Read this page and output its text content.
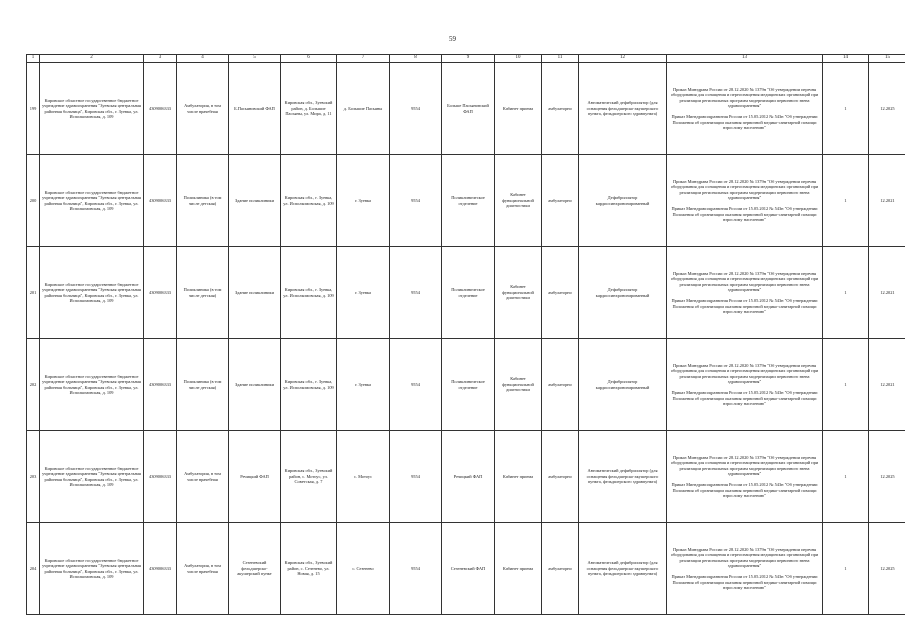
59
1	2	3	4	5	6	7	8	9	10	11	12	13	14	15
199	Кировское областное государственное бюджетное учреждение здравоохранения "Зуевская центральная районная больница", Кировская обл., г. Зуевка, ул. Исполкомовская, д. 109	4309006333	Амбулатория, в том числе врачебная	Б.Пасьяновский ФАП	Кировская обл., Зуевский район, д. Большие Пасьяны, ул. Мира, д. 11	д. Большие Пасьяны	9554	Больше Пасьяновский ФАП	Кабинет приема	амбулаторно	Автоматический дефибриллятор (для оснащения фельдшерско-акушерского пункта, фельдшерского здравпункта)	Приказ Минздрава России от 28.12.2020 № 1379н "Об утверждении перечня оборудования для оснащения и переоснащения медицинских организаций при реализации региональных программ модернизации первичного звена здравоохранения"

Приказ Минздравсоцразвития России от 15.05.2012 № 543н "Об утверждении Положения об организации оказания первичной медико-санитарной помощи взрослому населению"	1	12.2025
200	Кировское областное государственное бюджетное учреждение здравоохранения "Зуевская центральная районная больница", Кировская обл., г. Зуевка, ул. Исполкомовская, д. 109	4309006333	Поликлиника (в том числе детская)	Здание поликлиники	Кировская обл., г. Зуевка, ул. Исполкомовская, д. 109	г. Зуевка	9554	Поликлиническое отделение	Кабинет функциональной диагностики	амбулаторно	Дефибриллятор кардиосинхронизированный	Приказ Минздрава России от 28.12.2020 № 1379н "Об утверждении перечня оборудования для оснащения и переоснащения медицинских организаций при реализации региональных программ модернизации первичного звена здравоохранения"

Приказ Минздравсоцразвития России от 15.05.2012 № 543н "Об утверждении Положения об организации оказания первичной медико-санитарной помощи взрослому населению"	1	12.2021
201	Кировское областное государственное бюджетное учреждение здравоохранения "Зуевская центральная районная больница", Кировская обл., г. Зуевка, ул. Исполкомовская, д. 109	4309006333	Поликлиника (в том числе детская)	Здание поликлиники	Кировская обл., г. Зуевка, ул. Исполкомовская, д. 109	г. Зуевка	9554	Поликлиническое отделение	Кабинет функциональной диагностики	амбулаторно	Дефибриллятор кардиосинхронизированный	Приказ Минздрава России от 28.12.2020 № 1379н "Об утверждении перечня оборудования для оснащения и переоснащения медицинских организаций при реализации региональных программ модернизации первичного звена здравоохранения"

Приказ Минздравсоцразвития России от 15.05.2012 № 543н "Об утверждении Положения об организации оказания первичной медико-санитарной помощи взрослому населению"	1	12.2021
202	Кировское областное государственное бюджетное учреждение здравоохранения "Зуевская центральная районная больница", Кировская обл., г. Зуевка, ул. Исполкомовская, д. 109	4309006333	Поликлиника (в том числе детская)	Здание поликлиники	Кировская обл., г. Зуевка, ул. Исполкомовская, д. 109	г. Зуевка	9554	Поликлиническое отделение	Кабинет функциональной диагностики	амбулаторно	Дефибриллятор кардиосинхронизированный	Приказ Минздрава России от 28.12.2020 № 1379н "Об утверждении перечня оборудования для оснащения и переоснащения медицинских организаций при реализации региональных программ модернизации первичного звена здравоохранения"

Приказ Минздравсоцразвития России от 15.05.2012 № 543н "Об утверждении Положения об организации оказания первичной медико-санитарной помощи взрослому населению"	1	12.2021
203	Кировское областное государственное бюджетное учреждение здравоохранения "Зуевская центральная районная больница", Кировская обл., г. Зуевка, ул. Исполкомовская, д. 109	4309006333	Амбулатория, в том числе врачебная	Речицкий ФАП	Кировская обл., Зуевский район, с. Мотоус, ул. Советская, д. 7	с. Мотоус	9554	Речицкий ФАП	Кабинет приема	амбулаторно	Автоматический дефибриллятор (для оснащения фельдшерско-акушерского пункта, фельдшерского здравпункта)	Приказ Минздрава России от 28.12.2020 № 1379н "Об утверждении перечня оборудования для оснащения и переоснащения медицинских организаций при реализации региональных программ модернизации первичного звена здравоохранения"

Приказ Минздравсоцразвития России от 15.05.2012 № 543н "Об утверждении Положения об организации оказания первичной медико-санитарной помощи взрослому населению"	1	12.2025
204	Кировское областное государственное бюджетное учреждение здравоохранения "Зуевская центральная районная больница", Кировская обл., г. Зуевка, ул. Исполкомовская, д. 109	4309006333	Амбулатория, в том числе врачебная	Сезеневский фельдшерско-акушерский пункт	Кировская обл., Зуевский район, с. Сезенево, ул. Новая, д. 15	с. Сезенево	9554	Сезеневский ФАП	Кабинет приема	амбулаторно	Автоматический дефибриллятор (для оснащения фельдшерско-акушерского пункта, фельдшерского здравпункта)	Приказ Минздрава России от 28.12.2020 № 1379н "Об утверждении перечня оборудования для оснащения и переоснащения медицинских организаций при реализации региональных программ модернизации первичного звена здравоохранения"

Приказ Минздравсоцразвития России от 15.05.2012 № 543н "Об утверждении Положения об организации оказания первичной медико-санитарной помощи взрослому населению"	1	12.2025
